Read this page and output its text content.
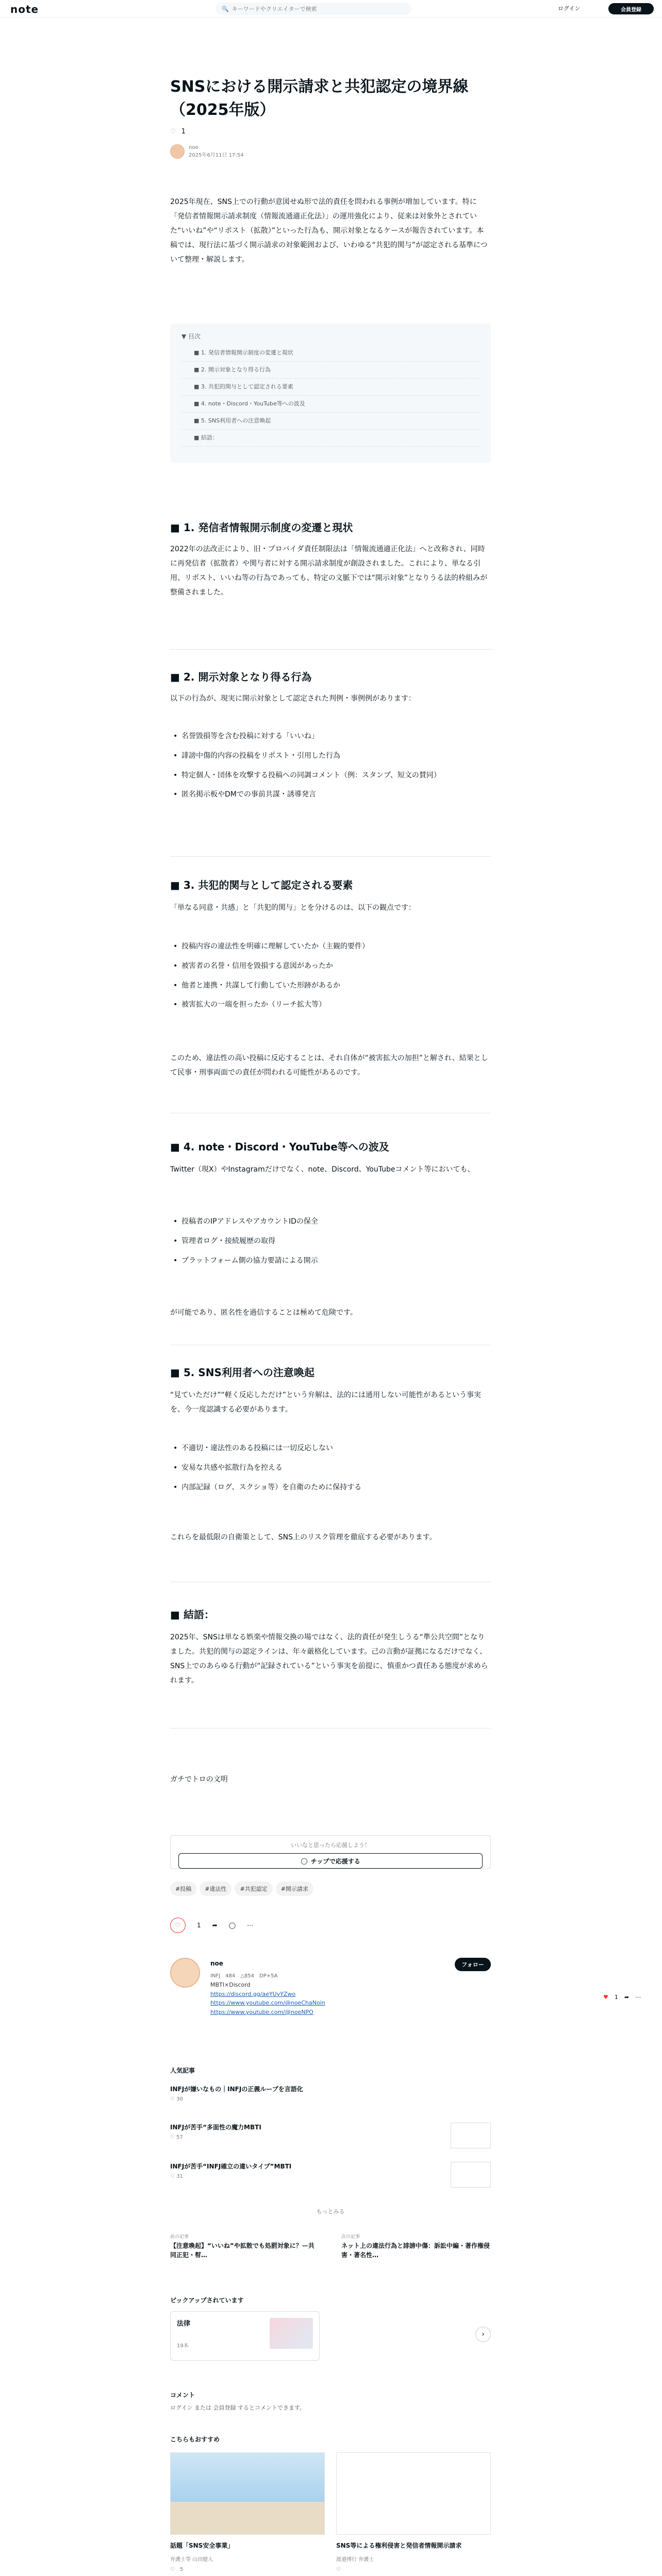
note	🔍
キーワードやクリエイターで検索	ログイン	会員登録
SNSにおける開示請求と共犯認定の境界線（2025年版）
♡ 1
noe
2025年6月11日 17:54

2025年現在、SNS上での行動が意図せぬ形で法的責任を問われる事例が増加しています。特に「発信者情報開示請求制度（情報流通適正化法）」の運用強化により、従来は対象外とされていた“いいね”や“リポスト（拡散）”といった行為も、開示対象となるケースが報告されています。本稿では、現行法に基づく開示請求の対象範囲および、いわゆる“共犯的関与”が認定される基準について整理・解説します。

▼ 目次
■ 1. 発信者情報開示制度の変遷と現状
■ 2. 開示対象となり得る行為
■ 3. 共犯的関与として認定される要素
■ 4. note・Discord・YouTube等への波及
■ 5. SNS利用者への注意喚起
■ 結語：
■ 1. 発信者情報開示制度の変遷と現状

2022年の法改正により、旧・プロバイダ責任制限法は「情報流通適正化法」へと改称され、同時に再発信者（拡散者）や関与者に対する開示請求制度が創設されました。これにより、単なる引用、リポスト、いいね等の行為であっても、特定の文脈下では“開示対象”となりうる法的枠組みが整備されました。

■ 2. 開示対象となり得る行為

以下の行為が、現実に開示対象として認定された判例・事例例があります：

• 名誉毀損等を含む投稿に対する「いいね」
• 誹謗中傷的内容の投稿をリポスト・引用した行為
• 特定個人・団体を攻撃する投稿への同調コメント（例：スタンプ、短文の賛同）
• 匿名掲示板やDMでの事前共謀・誘導発言
■ 3. 共犯的関与として認定される要素

「単なる同意・共感」と「共犯的関与」とを分けるのは、以下の観点です：

• 投稿内容の違法性を明確に理解していたか（主観的要件）
• 被害者の名誉・信用を毀損する意図があったか
• 他者と連携・共謀して行動していた形跡があるか
• 被害拡大の一端を担ったか（リーチ拡大等）

このため、違法性の高い投稿に反応することは、それ自体が“被害拡大の加担”と解され、結果として民事・刑事両面での責任が問われる可能性があるのです。

■ 4. note・Discord・YouTube等への波及

Twitter（現X）やInstagramだけでなく、note、Discord、YouTubeコメント等においても、

• 投稿者のIPアドレスやアカウントIDの保全
• 管理者ログ・接続履歴の取得
• プラットフォーム側の協力要請による開示

が可能であり、匿名性を過信することは極めて危険です。

■ 5. SNS利用者への注意喚起

“見ていただけ”“軽く反応しただけ”という弁解は、法的には通用しない可能性があるという事実を、今一度認識する必要があります。

• 不適切・違法性のある投稿には一切反応しない
• 安易な共感や拡散行為を控える
• 内部記録（ログ、スクショ等）を自衛のために保持する

これらを最低限の自衛策として、SNS上のリスク管理を徹底する必要があります。

■ 結語：

2025年、SNSは単なる娯楽や情報交換の場ではなく、法的責任が発生しうる“準公共空間”となりました。共犯的関与の認定ラインは、年々厳格化しています。己の言動が証拠になるだけでなく、SNS上でのあらゆる行動が“記録されている”という事実を前提に、慎重かつ責任ある態度が求められます。

ガチでトロの文明

いいなと思ったら応援しよう！
◯ チップで応援する
#投稿	#違法性	#共犯認定	#開示請求
♡	1 ➦ ◯ ⋯
noe
INFJ　484　△854　DP+5A
MBTI×Discord
https://discord.gg/aeYUyYZwo
https://www.youtube.com/@noeChaNoin
https://www.youtube.com/@noeNPO
フォロー
人気記事
INFJが嫌いなもの｜INFJの正義ループを言語化
♡ 30
INFJが苦手“多面性の魔力MBTI
♡ 57
INFJが苦手“INFJ確立の違いタイプ”MBTI
♡ 31
もっとみる
前の記事
【注意喚起】“いいね”や拡散でも処罰対象に？ー共同正犯・幇…
次の記事
ネット上の違法行為と誹謗中傷：訴訟中編・著作権侵害・著名性…
ピックアップされています
法律
19本
›
コメント
ログイン または 会員登録 するとコメントできます。
こちらもおすすめ
話題「SNS安全事業」
弁護士等 山田健人
♡ 5
SNS等による権利侵害と発信者情報開示請求
渡邉博行 弁護士
♡
♥ 1 ➦ ⋯
